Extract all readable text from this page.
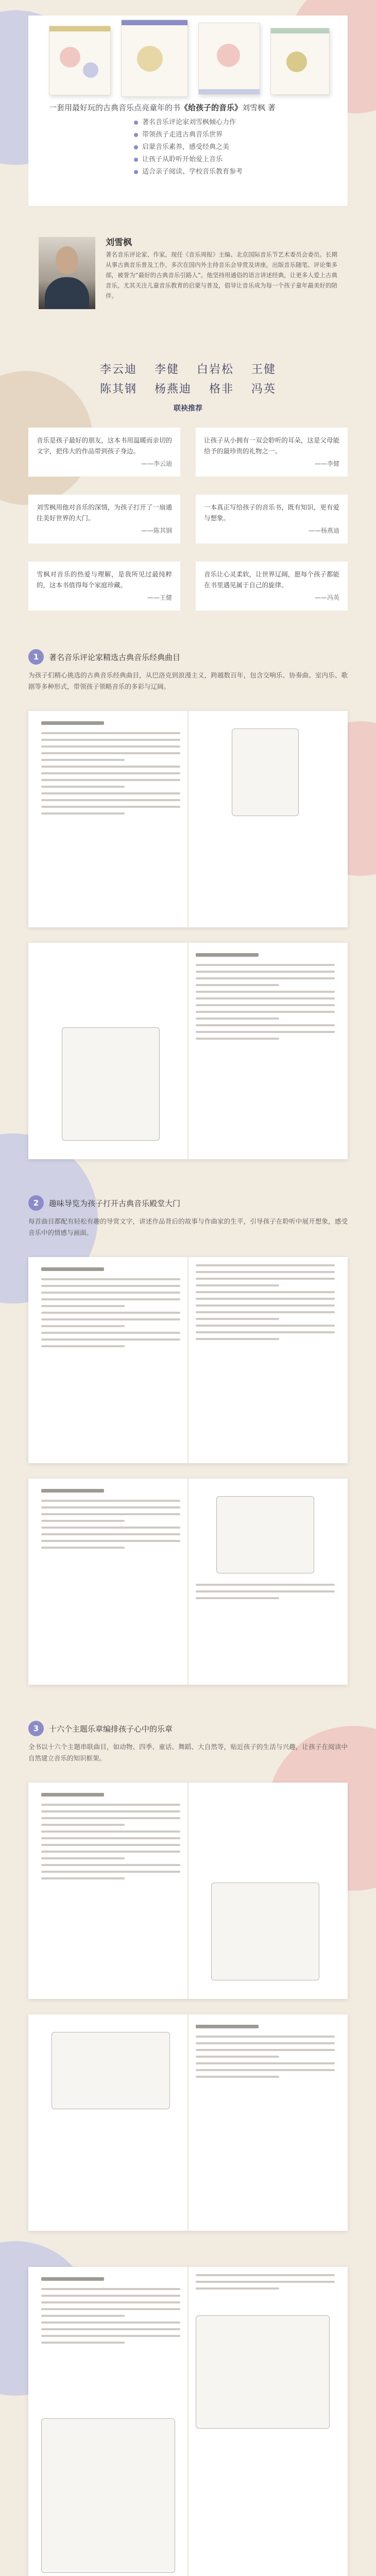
一套用最好玩的古典音乐点亮童年的书《给孩子的音乐》刘雪枫 著
著名音乐评论家刘雪枫倾心力作
带领孩子走进古典音乐世界
启蒙音乐素养，感受经典之美
让孩子从聆听开始爱上音乐
适合亲子阅读、学校音乐教育参考
刘雪枫
著名音乐评论家、作家，现任《音乐周报》主编、北京国际音乐节艺术委员会委员。长期从事古典音乐普及工作，多次在国内外主持音乐会导赏及讲座，出版音乐随笔、评论集多部，被誉为“最好的古典音乐引路人”。他坚持用通俗的语言讲述经典，让更多人爱上古典音乐，尤其关注儿童音乐教育的启蒙与普及，倡导让音乐成为每一个孩子童年最美好的陪伴。
李云迪 李健 白岩松 王健
陈其钢 杨燕迪 格非 冯英
联袂推荐
音乐是孩子最好的朋友，这本书用温暖而亲切的文字，把伟大的作品带到孩子身边。
——李云迪
让孩子从小拥有一双会聆听的耳朵，这是父母能给予的最珍贵的礼物之一。
——李健
刘雪枫用他对音乐的深情，为孩子打开了一扇通往美好世界的大门。
——陈其钢
一本真正写给孩子的音乐书，既有知识，更有爱与想象。
——杨燕迪
雪枫对音乐的热爱与理解，是我所见过最纯粹的，这本书值得每个家庭珍藏。
——王健
音乐让心灵柔软，让世界辽阔，愿每个孩子都能在书里遇见属于自己的旋律。
——冯英
1	著名音乐评论家精选古典音乐经典曲目
为孩子们精心挑选的古典音乐经典曲目，从巴洛克到浪漫主义，跨越数百年，包含交响乐、协奏曲、室内乐、歌剧等多种形式，带领孩子领略音乐的多彩与辽阔。
2	趣味导览为孩子打开古典音乐殿堂大门
每首曲目都配有轻松有趣的导赏文字，讲述作品背后的故事与作曲家的生平，引导孩子在聆听中展开想象，感受音乐中的情感与画面。
3	十六个主题乐章编排孩子心中的乐章
全书以十六个主题串联曲目，如动物、四季、童话、舞蹈、大自然等，贴近孩子的生活与兴趣，让孩子在阅读中自然建立音乐的知识框架。
